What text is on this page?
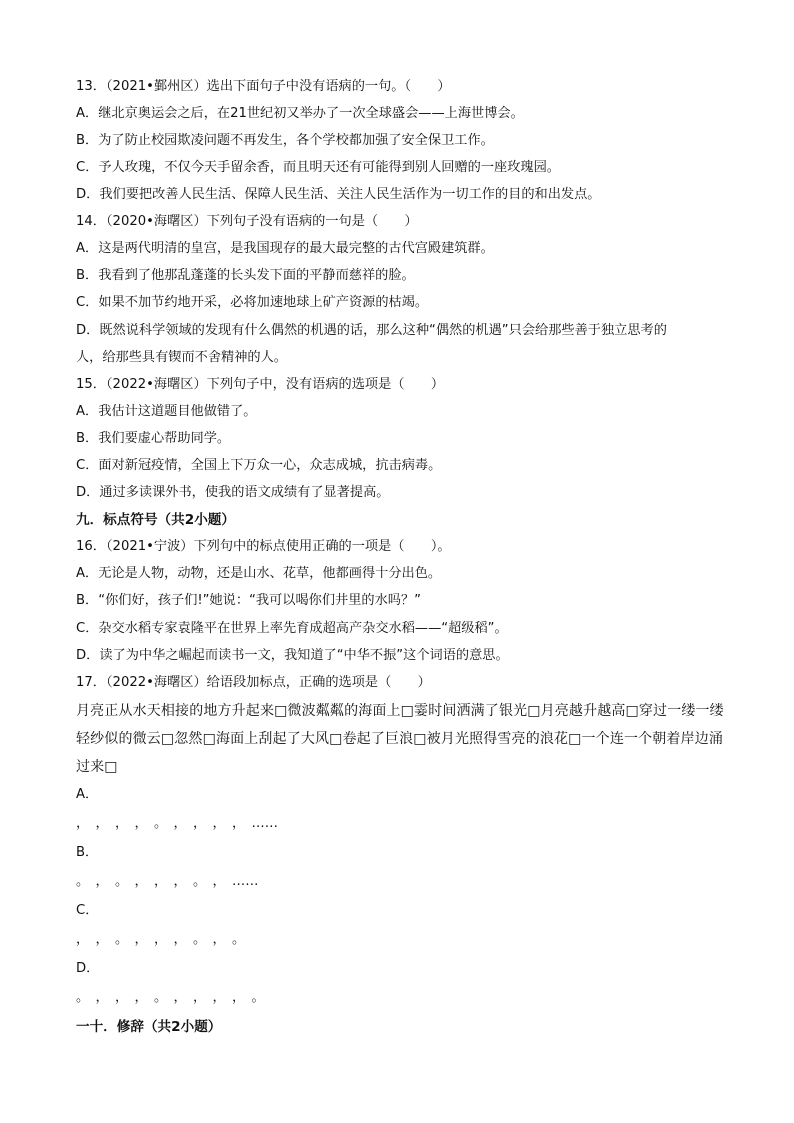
13．（2021•鄞州区）选出下面句子中没有语病的一句。（　　）
A．继北京奥运会之后，在21世纪初又举办了一次全球盛会——上海世博会。
B．为了防止校园欺凌问题不再发生，各个学校都加强了安全保卫工作。
C．予人玫瑰，不仅今天手留余香，而且明天还有可能得到别人回赠的一座玫瑰园。
D．我们要把改善人民生活、保障人民生活、关注人民生活作为一切工作的目的和出发点。
14．（2020•海曙区）下列句子没有语病的一句是（　　）
A．这是两代明清的皇宫，是我国现存的最大最完整的古代宫殿建筑群。
B．我看到了他那乱蓬蓬的长头发下面的平静而慈祥的脸。
C．如果不加节约地开采，必将加速地球上矿产资源的枯竭。
D．既然说科学领域的发现有什么偶然的机遇的话，那么这种“偶然的机遇”只会给那些善于独立思考的
人，给那些具有锲而不舍精神的人。
15．（2022•海曙区）下列句子中，没有语病的选项是（　　）
A．我估计这道题目他做错了。
B．我们要虚心帮助同学。
C．面对新冠疫情，全国上下万众一心，众志成城，抗击病毒。
D．通过多读课外书，使我的语文成绩有了显著提高。
九．标点符号（共2小题）
16．（2021•宁波）下列句中的标点使用正确的一项是（　　）。
A．无论是人物，动物，还是山水、花草，他都画得十分出色。
B．“你们好，孩子们!”她说：“我可以喝你们井里的水吗？”
C．杂交水稻专家袁隆平在世界上率先育成超高产杂交水稻——“超级稻”。
D．读了为中华之崛起而读书一文，我知道了“中华不振”这个词语的意思。
17．（2022•海曙区）给语段加标点，正确的选项是（　　）
月亮正从水天相接的地方升起来□微波粼粼的海面上□霎时间洒满了银光□月亮越升越高□穿过一缕一缕
轻纱似的微云□忽然□海面上刮起了大风□卷起了巨浪□被月光照得雪亮的浪花□一个连一个朝着岸边涌
过来□
A．
， ， ， ， 。 ， ， ， ， ……
B．
。 ， 。 ， ， ， 。 ， ……
C．
， ， 。 ， ， ， 。 ， 。
D．
。 ， ， ， 。 ， ， ， ， 。
一十．修辞（共2小题）
